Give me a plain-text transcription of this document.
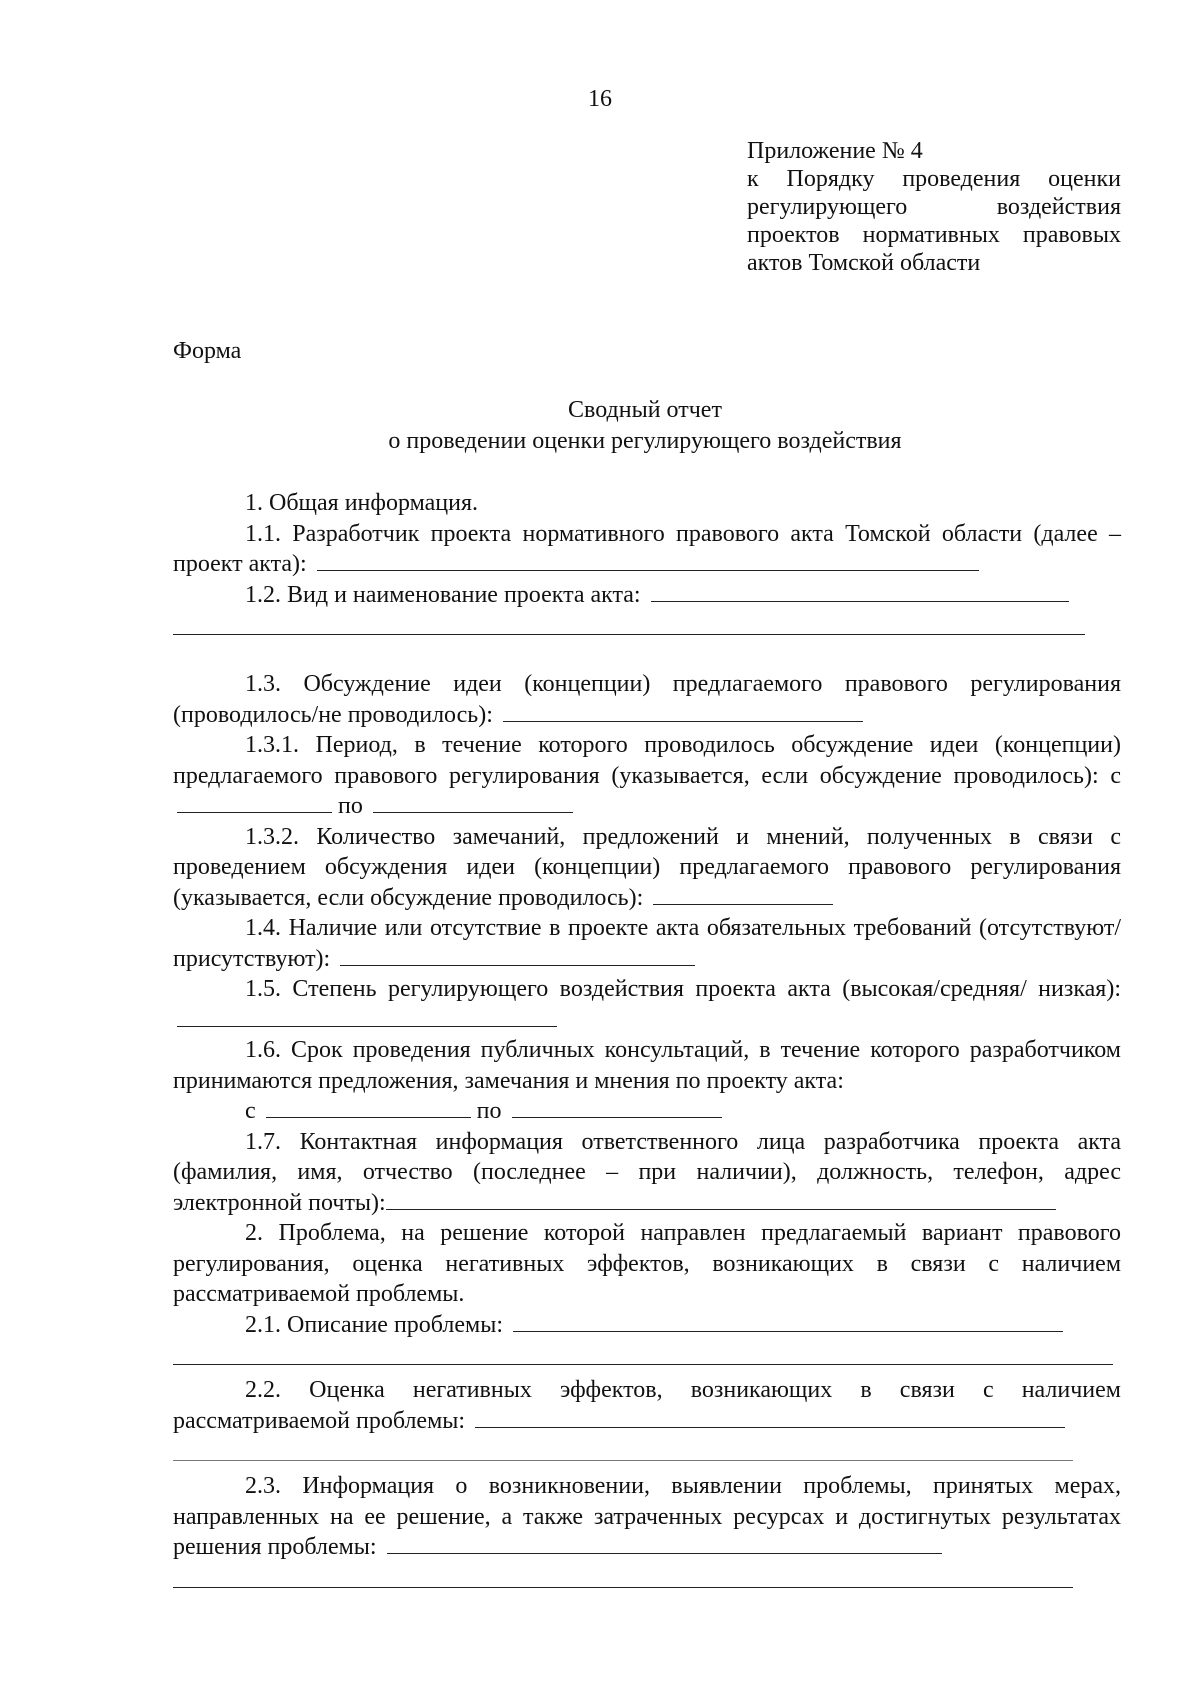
16
Приложение № 4
к Порядку проведения оценки
регулирующего воздействия
проектов нормативных правовых
актов Томской области
Форма
Сводный отчет
о проведении оценки регулирующего воздействия

1. Общая информация.

1.1. Разработчик проекта нормативного правового акта Томской области (далее – проект акта):

1.2. Вид и наименование проекта акта:

1.3. Обсуждение идеи (концепции) предлагаемого правового регулирования (проводилось/не проводилось):

1.3.1. Период, в течение которого проводилось обсуждение идеи (концепции) предлагаемого правового регулирования (указывается, если обсуждение проводилось): с  по

1.3.2. Количество замечаний, предложений и мнений, полученных в связи с проведением обсуждения идеи (концепции) предлагаемого правового регулирования (указывается, если обсуждение проводилось):

1.4. Наличие или отсутствие в проекте акта обязательных требований (отсутствуют/присутствуют):

1.5. Степень регулирующего воздействия проекта акта (высокая/средняя/ низкая):

1.6. Срок проведения публичных консультаций, в течение которого разработчиком принимаются предложения, замечания и мнения по проекту акта:

с	по

1.7. Контактная информация ответственного лица разработчика проекта акта (фамилия, имя, отчество (последнее – при наличии), должность, телефон, адрес электронной почты):

2. Проблема, на решение которой направлен предлагаемый вариант правового регулирования, оценка негативных эффектов, возникающих в связи с наличием рассматриваемой проблемы.

2.1. Описание проблемы:

2.2. Оценка негативных эффектов, возникающих в связи с наличием рассматриваемой проблемы:

2.3. Информация о возникновении, выявлении проблемы, принятых мерах, направленных на ее решение, а также затраченных ресурсах и достигнутых результатах решения проблемы:
